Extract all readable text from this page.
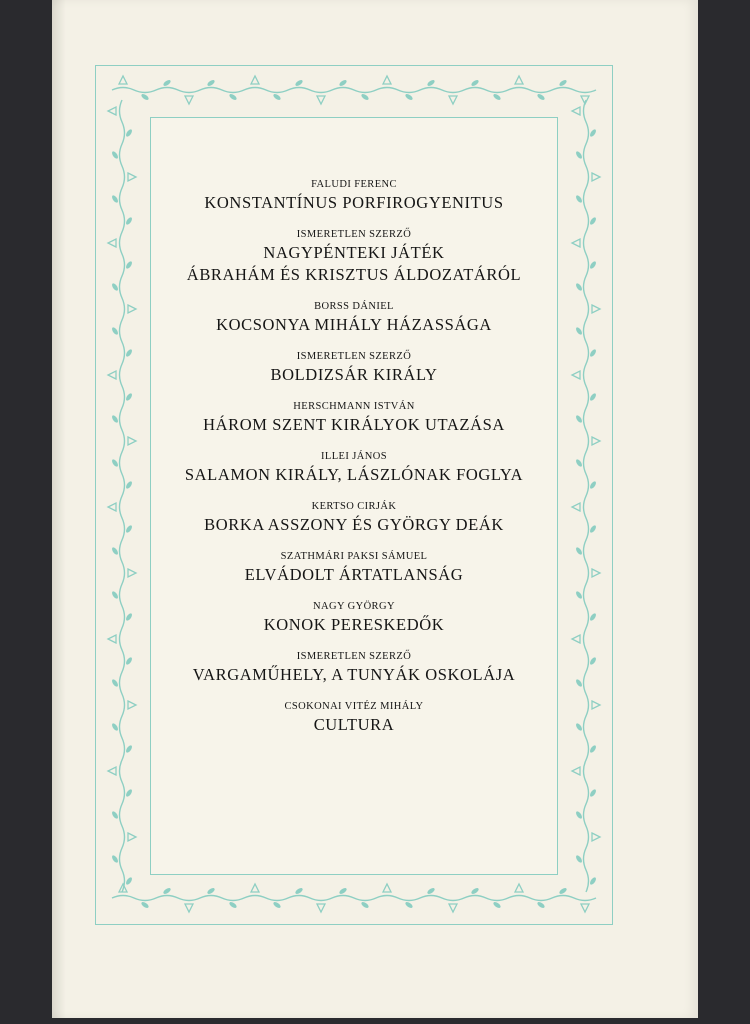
FALUDI FERENC
KONSTANTÍNUS PORFIROGYENITUS
ISMERETLEN SZERZŐ
NAGYPÉNTEKI JÁTÉK
ÁBRAHÁM ÉS KRISZTUS ÁLDOZATÁRÓL
BORSS DÁNIEL
KOCSONYA MIHÁLY HÁZASSÁGA
ISMERETLEN SZERZŐ
BOLDIZSÁR KIRÁLY
HERSCHMANN ISTVÁN
HÁROM SZENT KIRÁLYOK UTAZÁSA
ILLEI JÁNOS
SALAMON KIRÁLY, LÁSZLÓNAK FOGLYA
KERTSO CIRJÁK
BORKA ASSZONY ÉS GYÖRGY DEÁK
SZATHMÁRI PAKSI SÁMUEL
ELVÁDOLT ÁRTATLANSÁG
NAGY GYÖRGY
KONOK PERESKEDŐK
ISMERETLEN SZERZŐ
VARGAMŰHELY, A TUNYÁK OSKOLÁJA
CSOKONAI VITÉZ MIHÁLY
CULTURA
